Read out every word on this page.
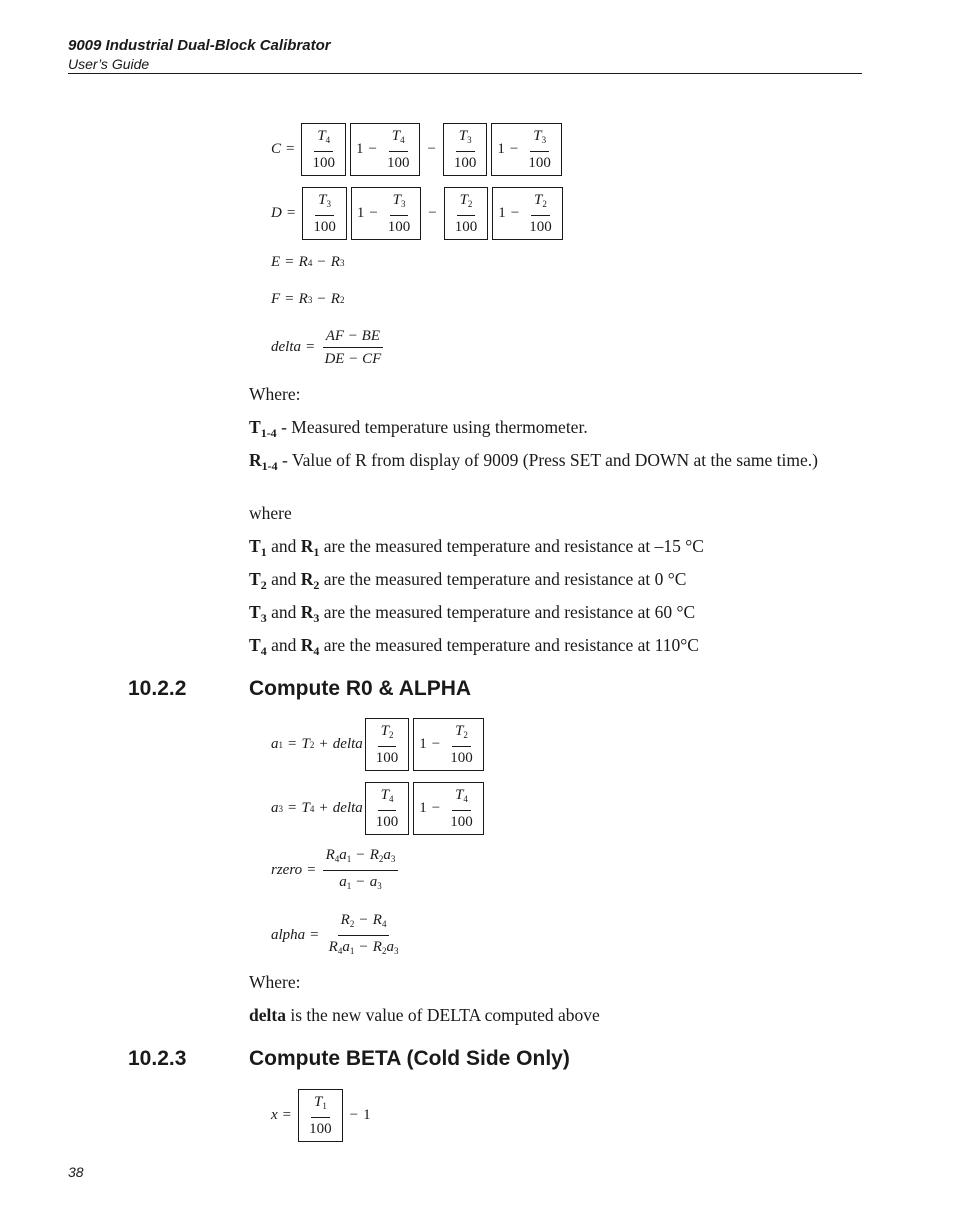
9009 Industrial Dual-Block Calibrator
User’s Guide
$C = \frac{T_4}{100} 1 - \frac{T_4}{100} - \frac{T_3}{100} 1 - \frac{T_3}{100}$
$D = \frac{T_3}{100} 1 - \frac{T_3}{100} - \frac{T_2}{100} 1 - \frac{T_2}{100}$
E = R 4 − R 3
F = R 3 − R 2
delta = $\frac{AF - BE}{DE - CF}$
Where:
$T_{1-4}$ - Measured temperature using thermometer.
$R_{1-4}$ - Value of R from display of 9009 (Press SET and DOWN at the same time.)
where
$T_1$ and $R_1$ are the measured temperature and resistance at –15 °C
$T_2$ and $R_2$ are the measured temperature and resistance at 0 °C
$T_3$ and $R_3$ are the measured temperature and resistance at 60 °C
$T_4$ and $R_4$ are the measured temperature and resistance at 110°C
10.2.2	Compute R0 & ALPHA
a 1 = T 2 + delta $\frac{T_2}{100} 1 - \frac{T_2}{100}$
a 3 = T 4 + delta $\frac{T_4}{100} 1 - \frac{T_4}{100}$
rzero = $\frac{R_4a_1 - R_2a_3}{a_1 - a_3}$
alpha = $\frac{R_2 - R_4}{R_4a_1 - R_2a_3}$
Where:
delta is the new value of DELTA computed above
10.2.3	Compute BETA (Cold Side Only)
$x = \frac{T_1}{100} - 1$
38
